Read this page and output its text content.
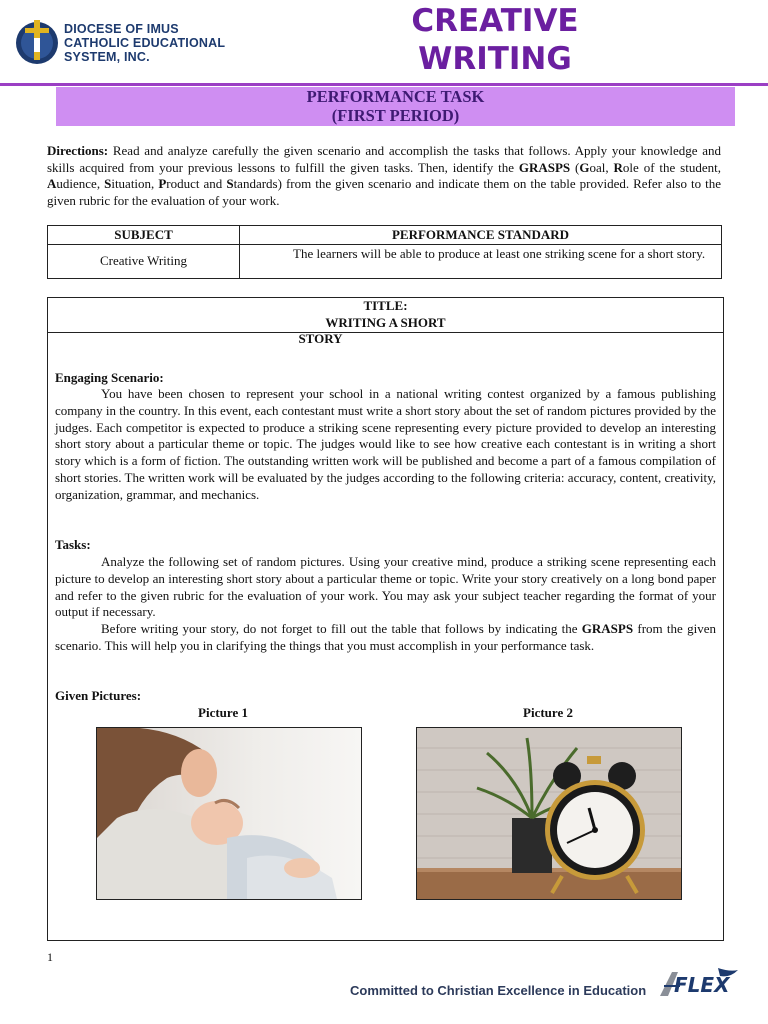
DIOCESE OF IMUS
CATHOLIC EDUCATIONAL
SYSTEM, INC.
CREATIVE
WRITING
PERFORMANCE TASK
(FIRST PERIOD)
Directions: Read and analyze carefully the given scenario and accomplish the tasks that follows. Apply your knowledge and skills acquired from your previous lessons to fulfill the given tasks. Then, identify the GRASPS (Goal, Role of the student, Audience, Situation, Product and Standards) from the given scenario and indicate them on the table provided. Refer also to the given rubric for the evaluation of your work.
SUBJECT	PERFORMANCE STANDARD
Creative Writing	The learners will be able to produce at least one striking scene for a short story.
TITLE:
WRITING A SHORT
STORY
Engaging Scenario:
You have been chosen to represent your school in a national writing contest organized by a famous publishing company in the country. In this event, each contestant must write a short story about the set of random pictures provided by the judges. Each competitor is expected to produce a striking scene representing every picture provided to develop an interesting short story about a particular theme or topic. The judges would like to see how creative each contestant is in writing a short story which is a form of fiction. The outstanding written work will be published and become a part of a famous compilation of short stories. The written work will be evaluated by the judges according to the following criteria: accuracy, content, creativity, organization, grammar, and mechanics.
Tasks:
Analyze the following set of random pictures. Using your creative mind, produce a striking scene representing each picture to develop an interesting short story about a particular theme or topic. Write your story creatively on a long bond paper and refer to the given rubric for the evaluation of your work. You may ask your subject teacher regarding the format of your output if necessary.
Before writing your story, do not forget to fill out the table that follows by indicating the GRASPS from the given scenario. This will help you in clarifying the things that you must accomplish in your performance task.
Given Pictures:
Picture 1	Picture 2
1
Committed to Christian Excellence in Education FLEX
